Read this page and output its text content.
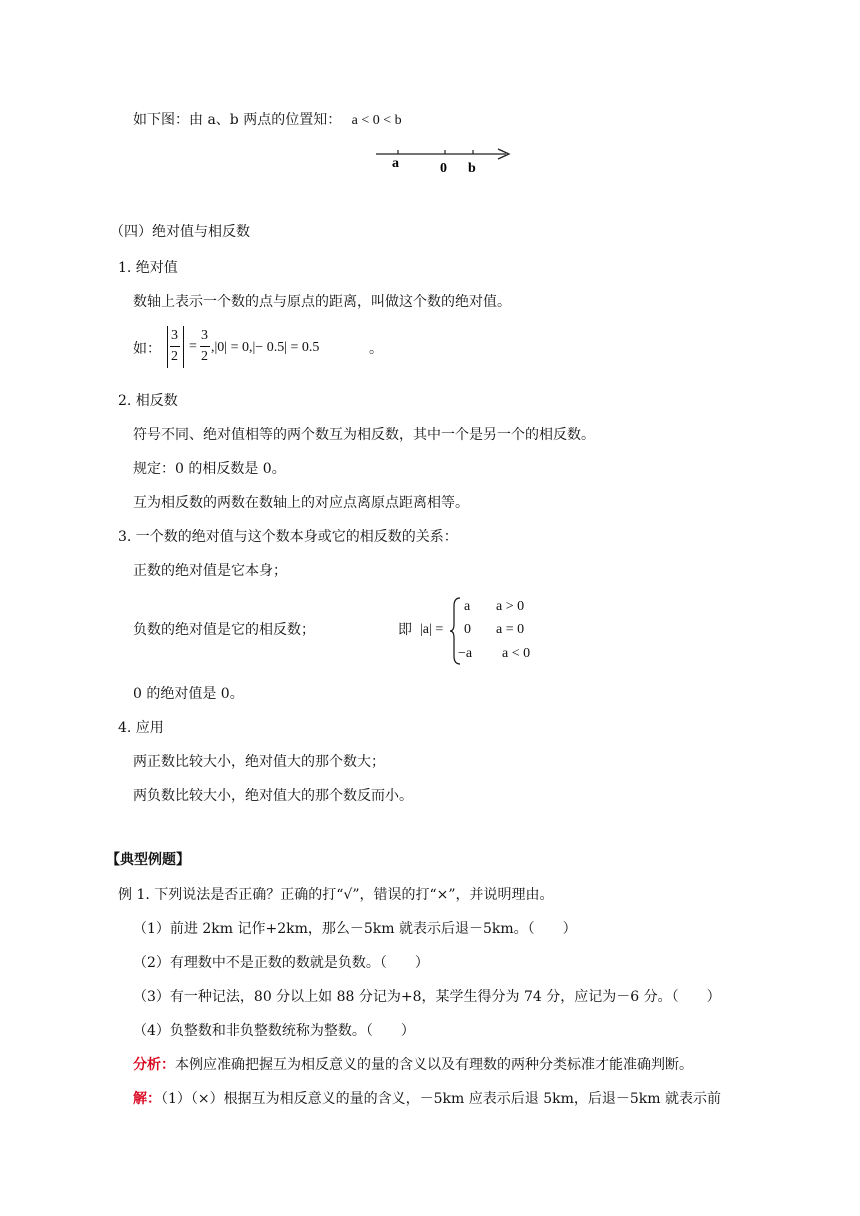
如下图：由 a、b 两点的位置知： a < 0 < b
a	0 b
（四）绝对值与相反数
1. 绝对值
数轴上表示一个数的点与原点的距离，叫做这个数的绝对值。
如：
3
2
=
3
2
,|0| = 0,|− 0.5| = 0.5	。
2. 相反数
符号不同、绝对值相等的两个数互为相反数，其中一个是另一个的相反数。
规定：0 的相反数是 0。
互为相反数的两数在数轴上的对应点离原点距离相等。
3. 一个数的绝对值与这个数本身或它的相反数的关系：
正数的绝对值是它本身；
负数的绝对值是它的相反数；	即 |a| =
a a > 0
0 a = 0
−a a < 0
0 的绝对值是 0。
4. 应用
两正数比较大小，绝对值大的那个数大；
两负数比较大小，绝对值大的那个数反而小。
【典型例题】
例 1. 下列说法是否正确？正确的打“√”，错误的打“×”，并说明理由。
（1）前进 2km 记作+2km，那么－5km 就表示后退－5km。（　　）
（2）有理数中不是正数的数就是负数。（　　）
（3）有一种记法，80 分以上如 88 分记为+8，某学生得分为 74 分，应记为－6 分。（　　）
（4）负整数和非负整数统称为整数。（　　）
分析：本例应准确把握互为相反意义的量的含义以及有理数的两种分类标准才能准确判断。
解：（1）（×）根据互为相反意义的量的含义，－5km 应表示后退 5km，后退－5km 就表示前
